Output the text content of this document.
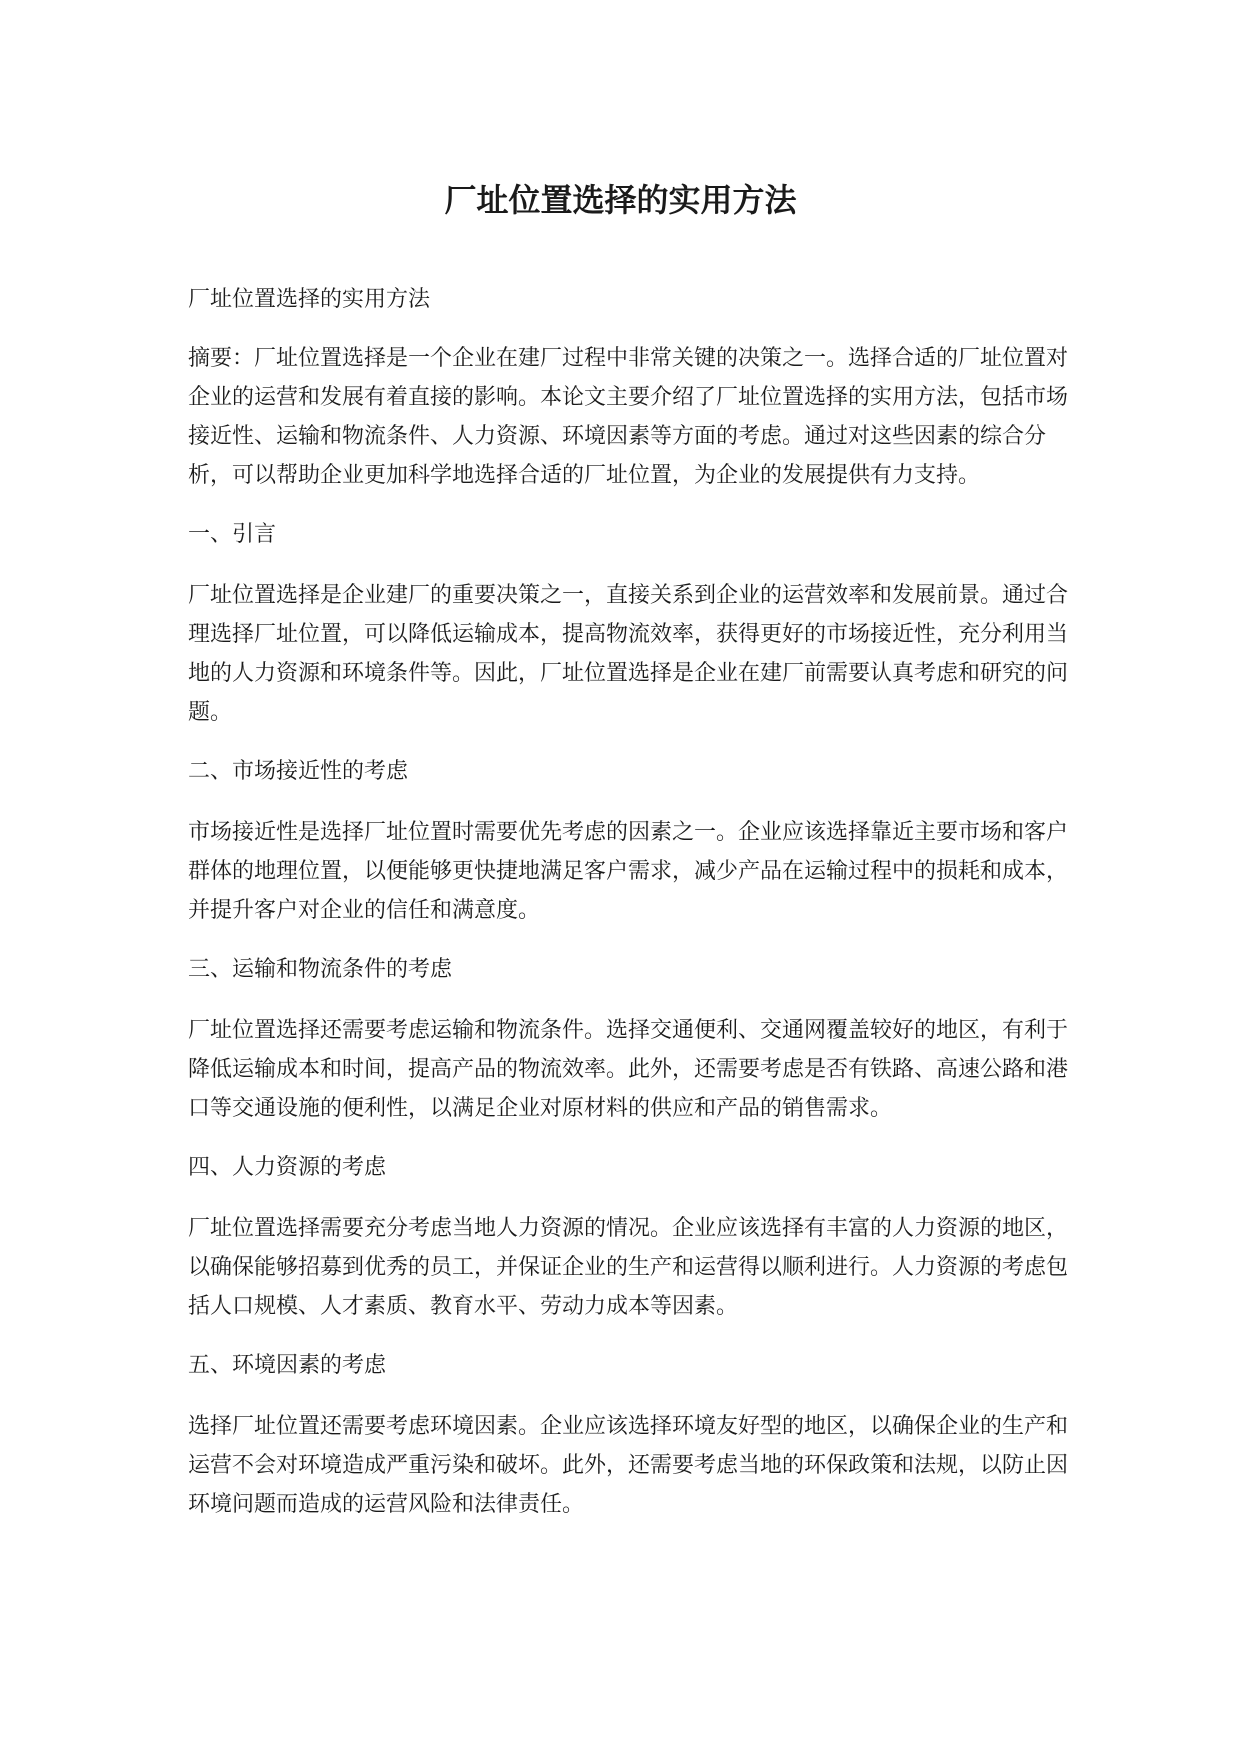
厂址位置选择的实用方法

厂址位置选择的实用方法

摘要：厂址位置选择是一个企业在建厂过程中非常关键的决策之一。选择合适的厂址位置对企业的运营和发展有着直接的影响。本论文主要介绍了厂址位置选择的实用方法，包括市场接近性、运输和物流条件、人力资源、环境因素等方面的考虑。通过对这些因素的综合分析，可以帮助企业更加科学地选择合适的厂址位置，为企业的发展提供有力支持。

一、引言

厂址位置选择是企业建厂的重要决策之一，直接关系到企业的运营效率和发展前景。通过合理选择厂址位置，可以降低运输成本，提高物流效率，获得更好的市场接近性，充分利用当地的人力资源和环境条件等。因此，厂址位置选择是企业在建厂前需要认真考虑和研究的问题。

二、市场接近性的考虑

市场接近性是选择厂址位置时需要优先考虑的因素之一。企业应该选择靠近主要市场和客户群体的地理位置，以便能够更快捷地满足客户需求，减少产品在运输过程中的损耗和成本，并提升客户对企业的信任和满意度。

三、运输和物流条件的考虑

厂址位置选择还需要考虑运输和物流条件。选择交通便利、交通网覆盖较好的地区，有利于降低运输成本和时间，提高产品的物流效率。此外，还需要考虑是否有铁路、高速公路和港口等交通设施的便利性，以满足企业对原材料的供应和产品的销售需求。

四、人力资源的考虑

厂址位置选择需要充分考虑当地人力资源的情况。企业应该选择有丰富的人力资源的地区，以确保能够招募到优秀的员工，并保证企业的生产和运营得以顺利进行。人力资源的考虑包括人口规模、人才素质、教育水平、劳动力成本等因素。

五、环境因素的考虑

选择厂址位置还需要考虑环境因素。企业应该选择环境友好型的地区，以确保企业的生产和运营不会对环境造成严重污染和破坏。此外，还需要考虑当地的环保政策和法规，以防止因环境问题而造成的运营风险和法律责任。
